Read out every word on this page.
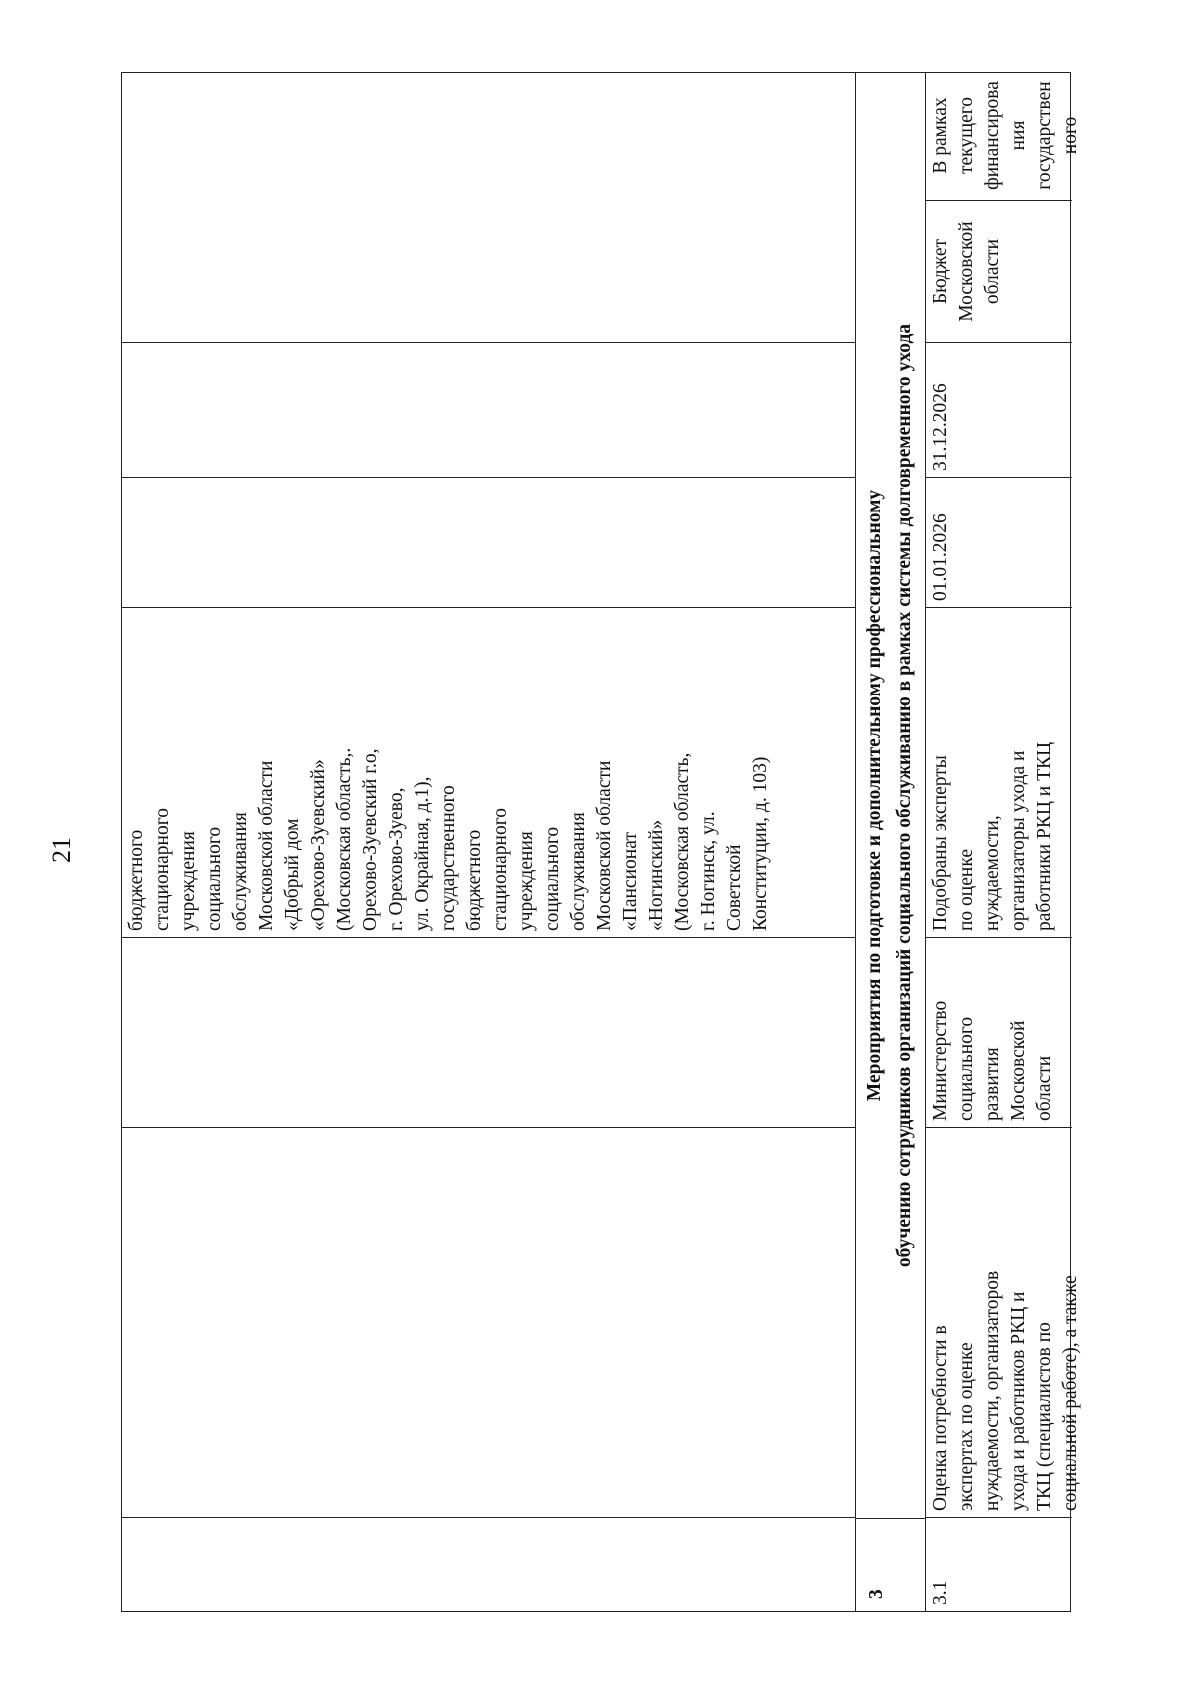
21	бюджетного
стационарного
учреждения
социального
обслуживания
Московской области
«Добрый дом
«Орехово-Зуевский»
(Московская область,.
Орехово-Зуевский г.о,
г. Орехово-Зуево,
ул. Окрайная, д.1),
государственного
бюджетного
стационарного
учреждения
социального
обслуживания
Московской области
«Пансионат
«Ногинский»
(Московская область,
г. Ногинск, ул.
Советской
Конституции, д. 103)

3
Мероприятия по подготовке и дополнительному профессиональному обучению сотрудников организаций социального обслуживанию в рамках системы долговременного ухода

3.1

Оценка потребности в
экспертах по оценке
нуждаемости, организаторов
ухода и работников РКЦ и
ТКЦ (специалистов по
социальной работе), а также

Министерство
социального
развития
Московской
области

Подобраны эксперты
по оценке
нуждаемости,
организаторы ухода и
работники РКЦ и ТКЦ

01.01.2026

31.12.2026

Бюджет
Московской
области

В рамках
текущего
финансирова
ния
государствен
ного
